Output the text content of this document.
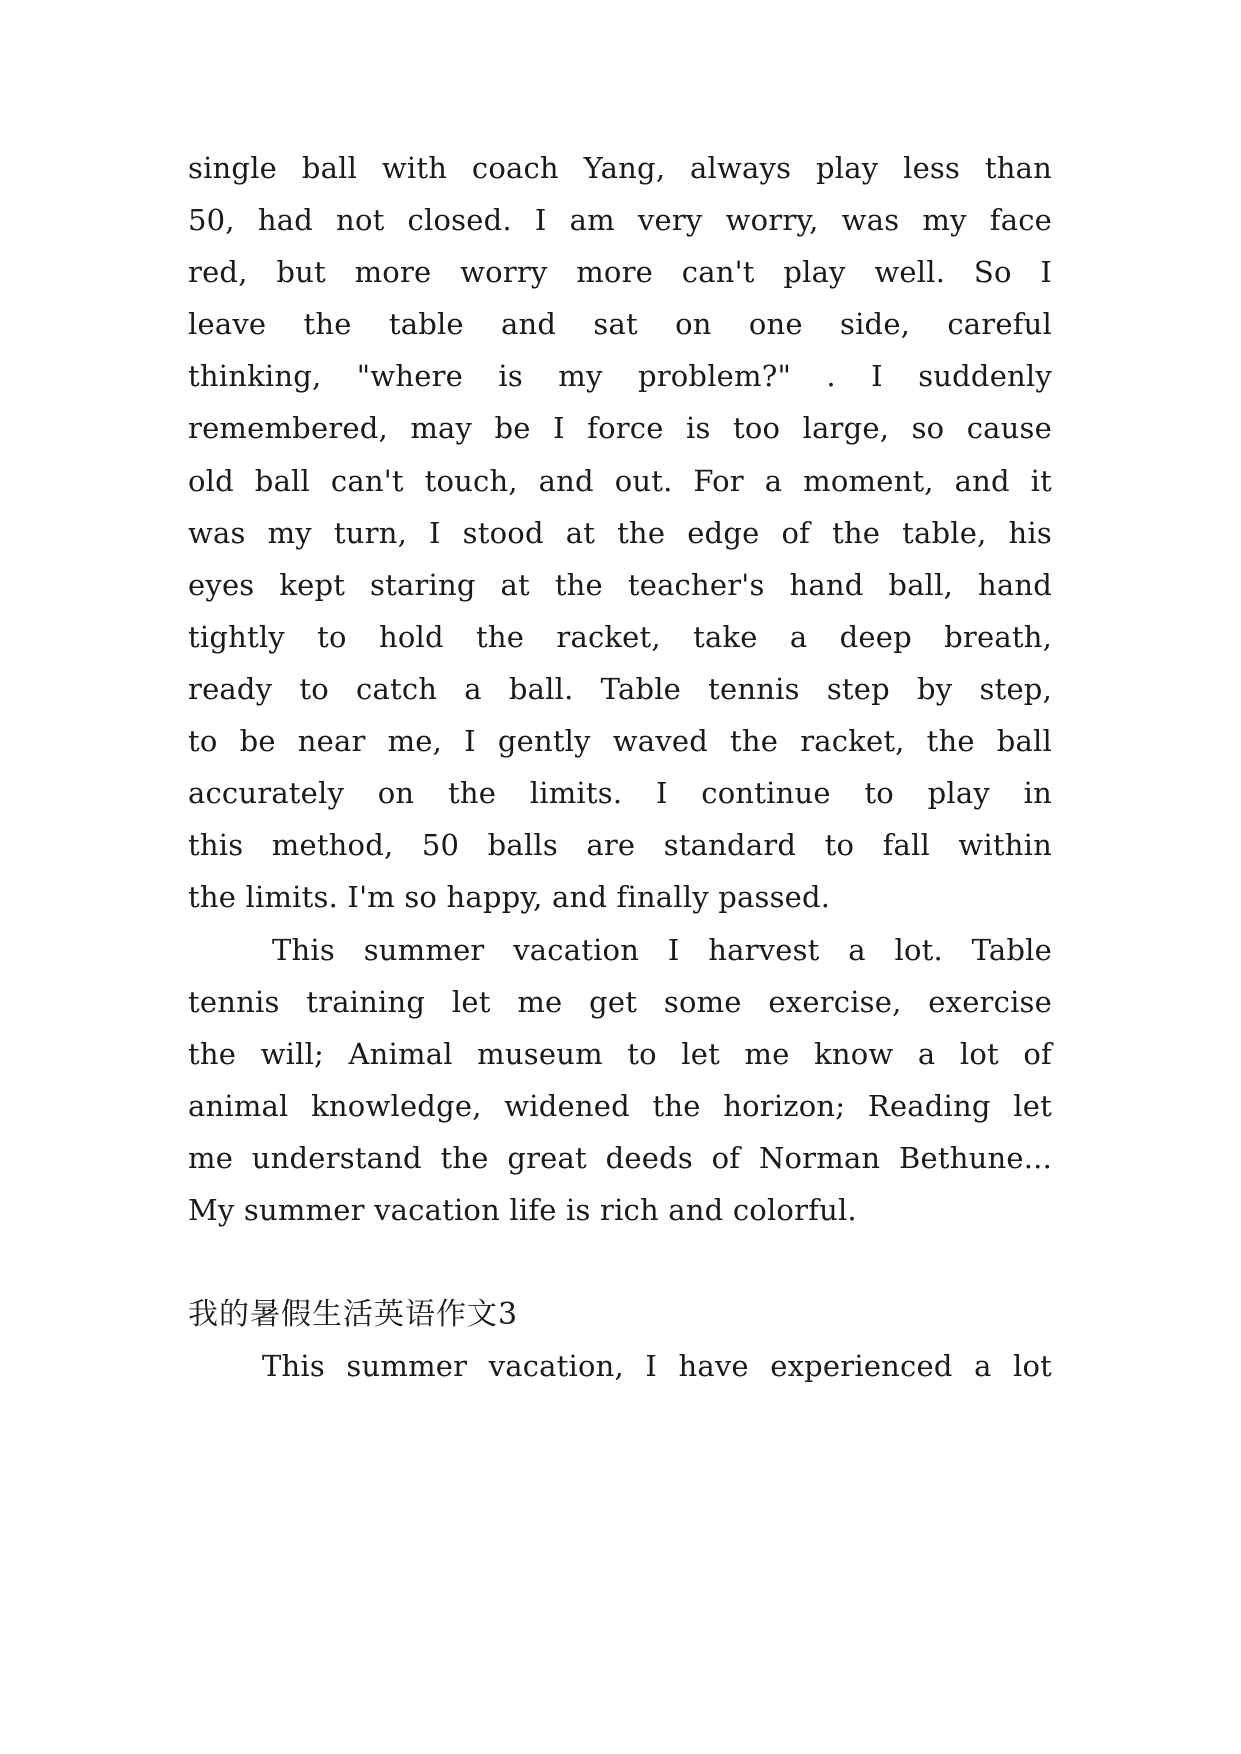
single ball with coach Yang, always play less than
50, had not closed. I am very worry, was my face
red, but more worry more can't play well. So I
leave the table and sat on one side, careful
thinking, "where is my problem?" . I suddenly
remembered, may be I force is too large, so cause
old ball can't touch, and out. For a moment, and it
was my turn, I stood at the edge of the table, his
eyes kept staring at the teacher's hand ball, hand
tightly to hold the racket, take a deep breath,
ready to catch a ball. Table tennis step by step,
to be near me, I gently waved the racket, the ball
accurately on the limits. I continue to play in
this method, 50 balls are standard to fall within
the limits. I'm so happy, and finally passed.
This summer vacation I harvest a lot. Table
tennis training let me get some exercise, exercise
the will; Animal museum to let me know a lot of
animal knowledge, widened the horizon; Reading let
me understand the great deeds of Norman Bethune...
My summer vacation life is rich and colorful.
我的暑假生活英语作文3
This summer vacation, I have experienced a lot
